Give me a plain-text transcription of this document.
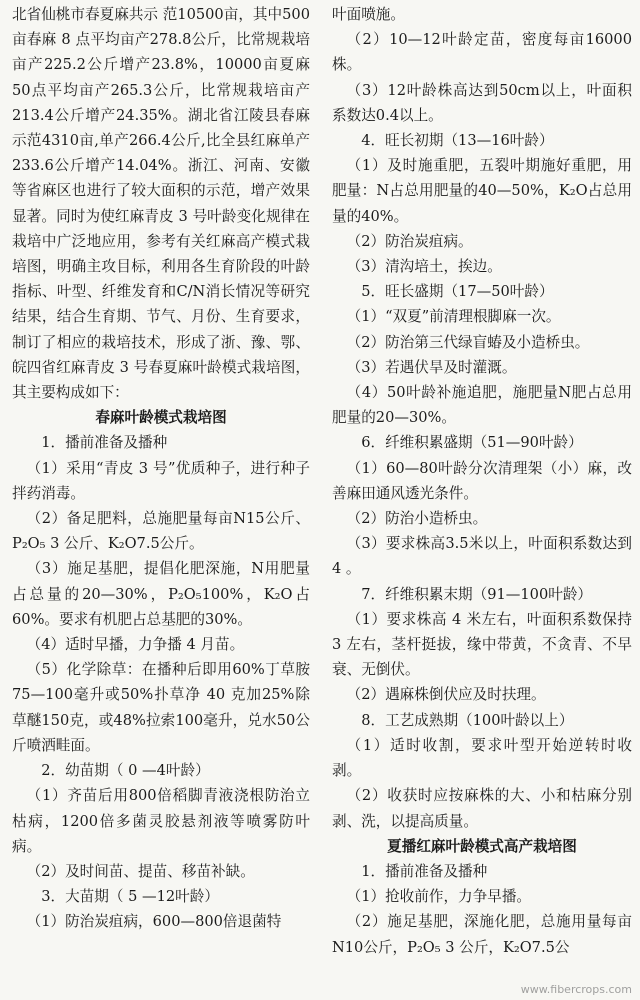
北省仙桃市春夏麻共示 范10500亩，其中500亩春麻 8 点平均亩产278.8公斤，比常规栽培亩产225.2公斤增产23.8%，10000亩夏麻50点平均亩产265.3公斤，比常规栽培亩产213.4公斤增产24.35%。湖北省江陵县春麻示范4310亩,单产266.4公斤,比全县红麻单产233.6公斤增产14.04%。浙江、河南、安徽等省麻区也进行了较大面积的示范，增产效果显著。同时为使红麻青皮 3 号叶龄变化规律在栽培中广泛地应用，参考有关红麻高产模式栽培图，明确主攻目标，利用各生育阶段的叶龄指标、叶型、纤维发育和C/N消长情况等研究结果，结合生育期、节气、月份、生育要求，制订了相应的栽培技术，形成了浙、豫、鄂、皖四省红麻青皮 3 号春夏麻叶龄模式栽培图，其主要构成如下：

春麻叶龄模式栽培图

1．播前准备及播种

（1）采用“青皮 3 号”优质种子，进行种子拌药消毒。

（2）备足肥料，总施肥量每亩N15公斤、P₂O₅ 3 公斤、K₂O7.5公斤。

（3）施足基肥，提倡化肥深施，N用肥量占总量的20—30%，P₂O₅100%，K₂O占60%。要求有机肥占总基肥的30%。

（4）适时早播，力争播 4 月苗。

（5）化学除草：在播种后即用60%丁草胺75—100毫升或50%扑草净 40 克加25%除草醚150克，或48%拉索100毫升，兑水50公斤喷洒畦面。

2．幼苗期（ 0 —4叶龄）

（1）齐苗后用800倍稻脚青液浇根防治立枯病，1200倍多菌灵胶悬剂液等喷雾防叶病。

（2）及时间苗、提苗、移苗补缺。

3．大苗期（ 5 —12叶龄）

（1）防治炭疽病，600—800倍退菌特

叶面喷施。

（2）10—12叶龄定苗，密度每亩16000株。

（3）12叶龄株高达到50cm以上，叶面积系数达0.4以上。

4．旺长初期（13—16叶龄）

（1）及时施重肥，五裂叶期施好重肥，用肥量：N占总用肥量的40—50%，K₂O占总用量的40%。

（2）防治炭疽病。

（3）清沟培土，挨边。

5．旺长盛期（17—50叶龄）

（1）“双夏”前清理根脚麻一次。

（2）防治第三代绿盲蝽及小造桥虫。

（3）若遇伏旱及时灌溉。

（4）50叶龄补施追肥，施肥量N肥占总用肥量的20—30%。

6．纤维积累盛期（51—90叶龄）

（1）60—80叶龄分次清理架（小）麻，改善麻田通风透光条件。

（2）防治小造桥虫。

（3）要求株高3.5米以上，叶面积系数达到 4 。

7．纤维积累末期（91—100叶龄）

（1）要求株高 4 米左右，叶面积系数保持 3 左右，茎杆挺拔，缘中带黄，不贪青、不早衰、无倒伏。

（2）遇麻株倒伏应及时扶理。

8．工艺成熟期（100叶龄以上）

（1）适时收割，要求叶型开始逆转时收剥。

（2）收获时应按麻株的大、小和枯麻分别剥、洗，以提高质量。

夏播红麻叶龄模式高产栽培图

1．播前准备及播种

（1）抢收前作，力争早播。

（2）施足基肥，深施化肥，总施用量每亩N10公斤，P₂O₅ 3 公斤，K₂O7.5公

www.fibercrops.com
